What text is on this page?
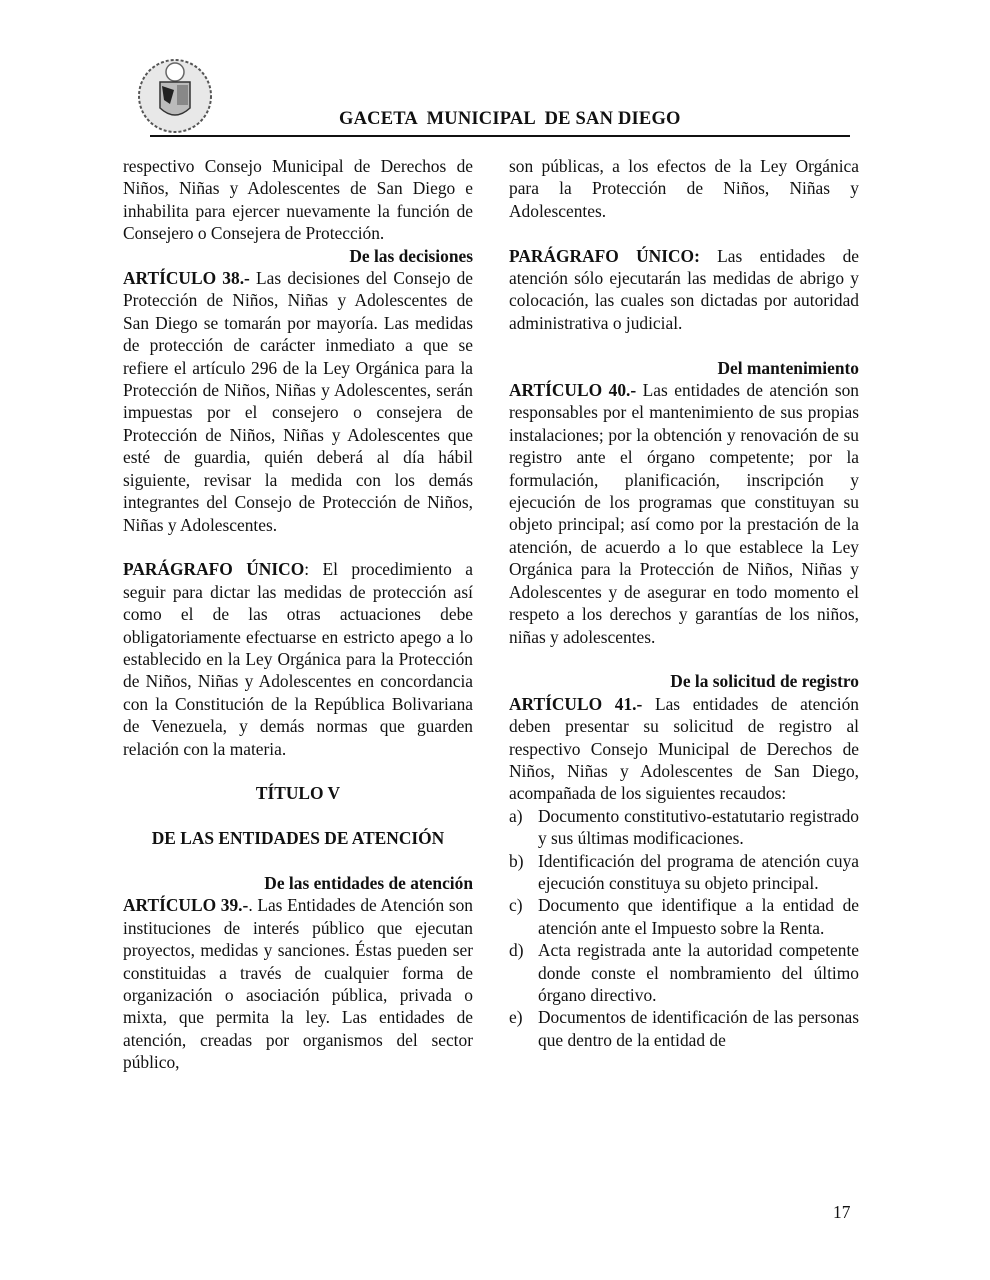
GACETA  MUNICIPAL  DE SAN DIEGO

respectivo Consejo Municipal de Derechos de Niños, Niñas y Adolescentes de San Diego e inhabilita para ejercer nuevamente la función de Consejero o Consejera de Protección.

De las decisiones

ARTÍCULO 38.- Las decisiones del Consejo de Protección de Niños, Niñas y Adolescentes de San Diego se tomarán por mayoría. Las medidas de protección de carácter inmediato a que se refiere el artículo 296 de la Ley Orgánica para la Protección de Niños, Niñas y Adolescentes, serán impuestas por el consejero o consejera de Protección de Niños, Niñas y Adolescentes que esté de guardia, quién deberá al día hábil siguiente, revisar la medida con los demás integrantes del Consejo de Protección de Niños, Niñas y Adolescentes.

PARÁGRAFO ÚNICO: El procedimiento a seguir para dictar las medidas de protección así como el de las otras actuaciones debe obligatoriamente efectuarse en estricto apego a lo establecido en la Ley Orgánica para la Protección de Niños, Niñas y Adolescentes en concordancia con la Constitución de la República Bolivariana de Venezuela, y demás normas que guarden relación con la materia.

TÍTULO V
DE LAS ENTIDADES DE ATENCIÓN
De las entidades de atención

ARTÍCULO 39.-. Las Entidades de Atención son instituciones de interés público que ejecutan proyectos, medidas y sanciones. Éstas pueden ser constituidas a través de cualquier forma de organización o asociación pública, privada o mixta, que permita la ley. Las entidades de atención, creadas por organismos del sector público,

son públicas, a los efectos de la Ley Orgánica para la Protección de Niños, Niñas y Adolescentes.

PARÁGRAFO ÚNICO: Las entidades de atención sólo ejecutarán las medidas de abrigo y colocación, las cuales son dictadas por autoridad administrativa o judicial.

Del mantenimiento

ARTÍCULO 40.- Las entidades de atención son responsables por el mantenimiento de sus propias instalaciones; por la obtención y renovación de su registro ante el órgano competente; por la formulación, planificación, inscripción y ejecución de los programas que constituyan su objeto principal; así como por la prestación de la atención, de acuerdo a lo que establece la Ley Orgánica para la Protección de Niños, Niñas y Adolescentes y de asegurar en todo momento el respeto a los derechos y garantías de los niños, niñas y adolescentes.

De la solicitud de registro

ARTÍCULO 41.- Las entidades de atención deben presentar su solicitud de registro al respectivo Consejo Municipal de Derechos de Niños, Niñas y Adolescentes de San Diego, acompañada de los siguientes recaudos:

a) Documento constitutivo-estatutario registrado y sus últimas modificaciones.
b) Identificación del programa de atención cuya ejecución constituya su objeto principal.
c) Documento que identifique a la entidad de atención ante el Impuesto sobre la Renta.
d) Acta registrada ante la autoridad competente donde conste el nombramiento del último órgano directivo.
e) Documentos de identificación de las personas que dentro de la entidad de
17
